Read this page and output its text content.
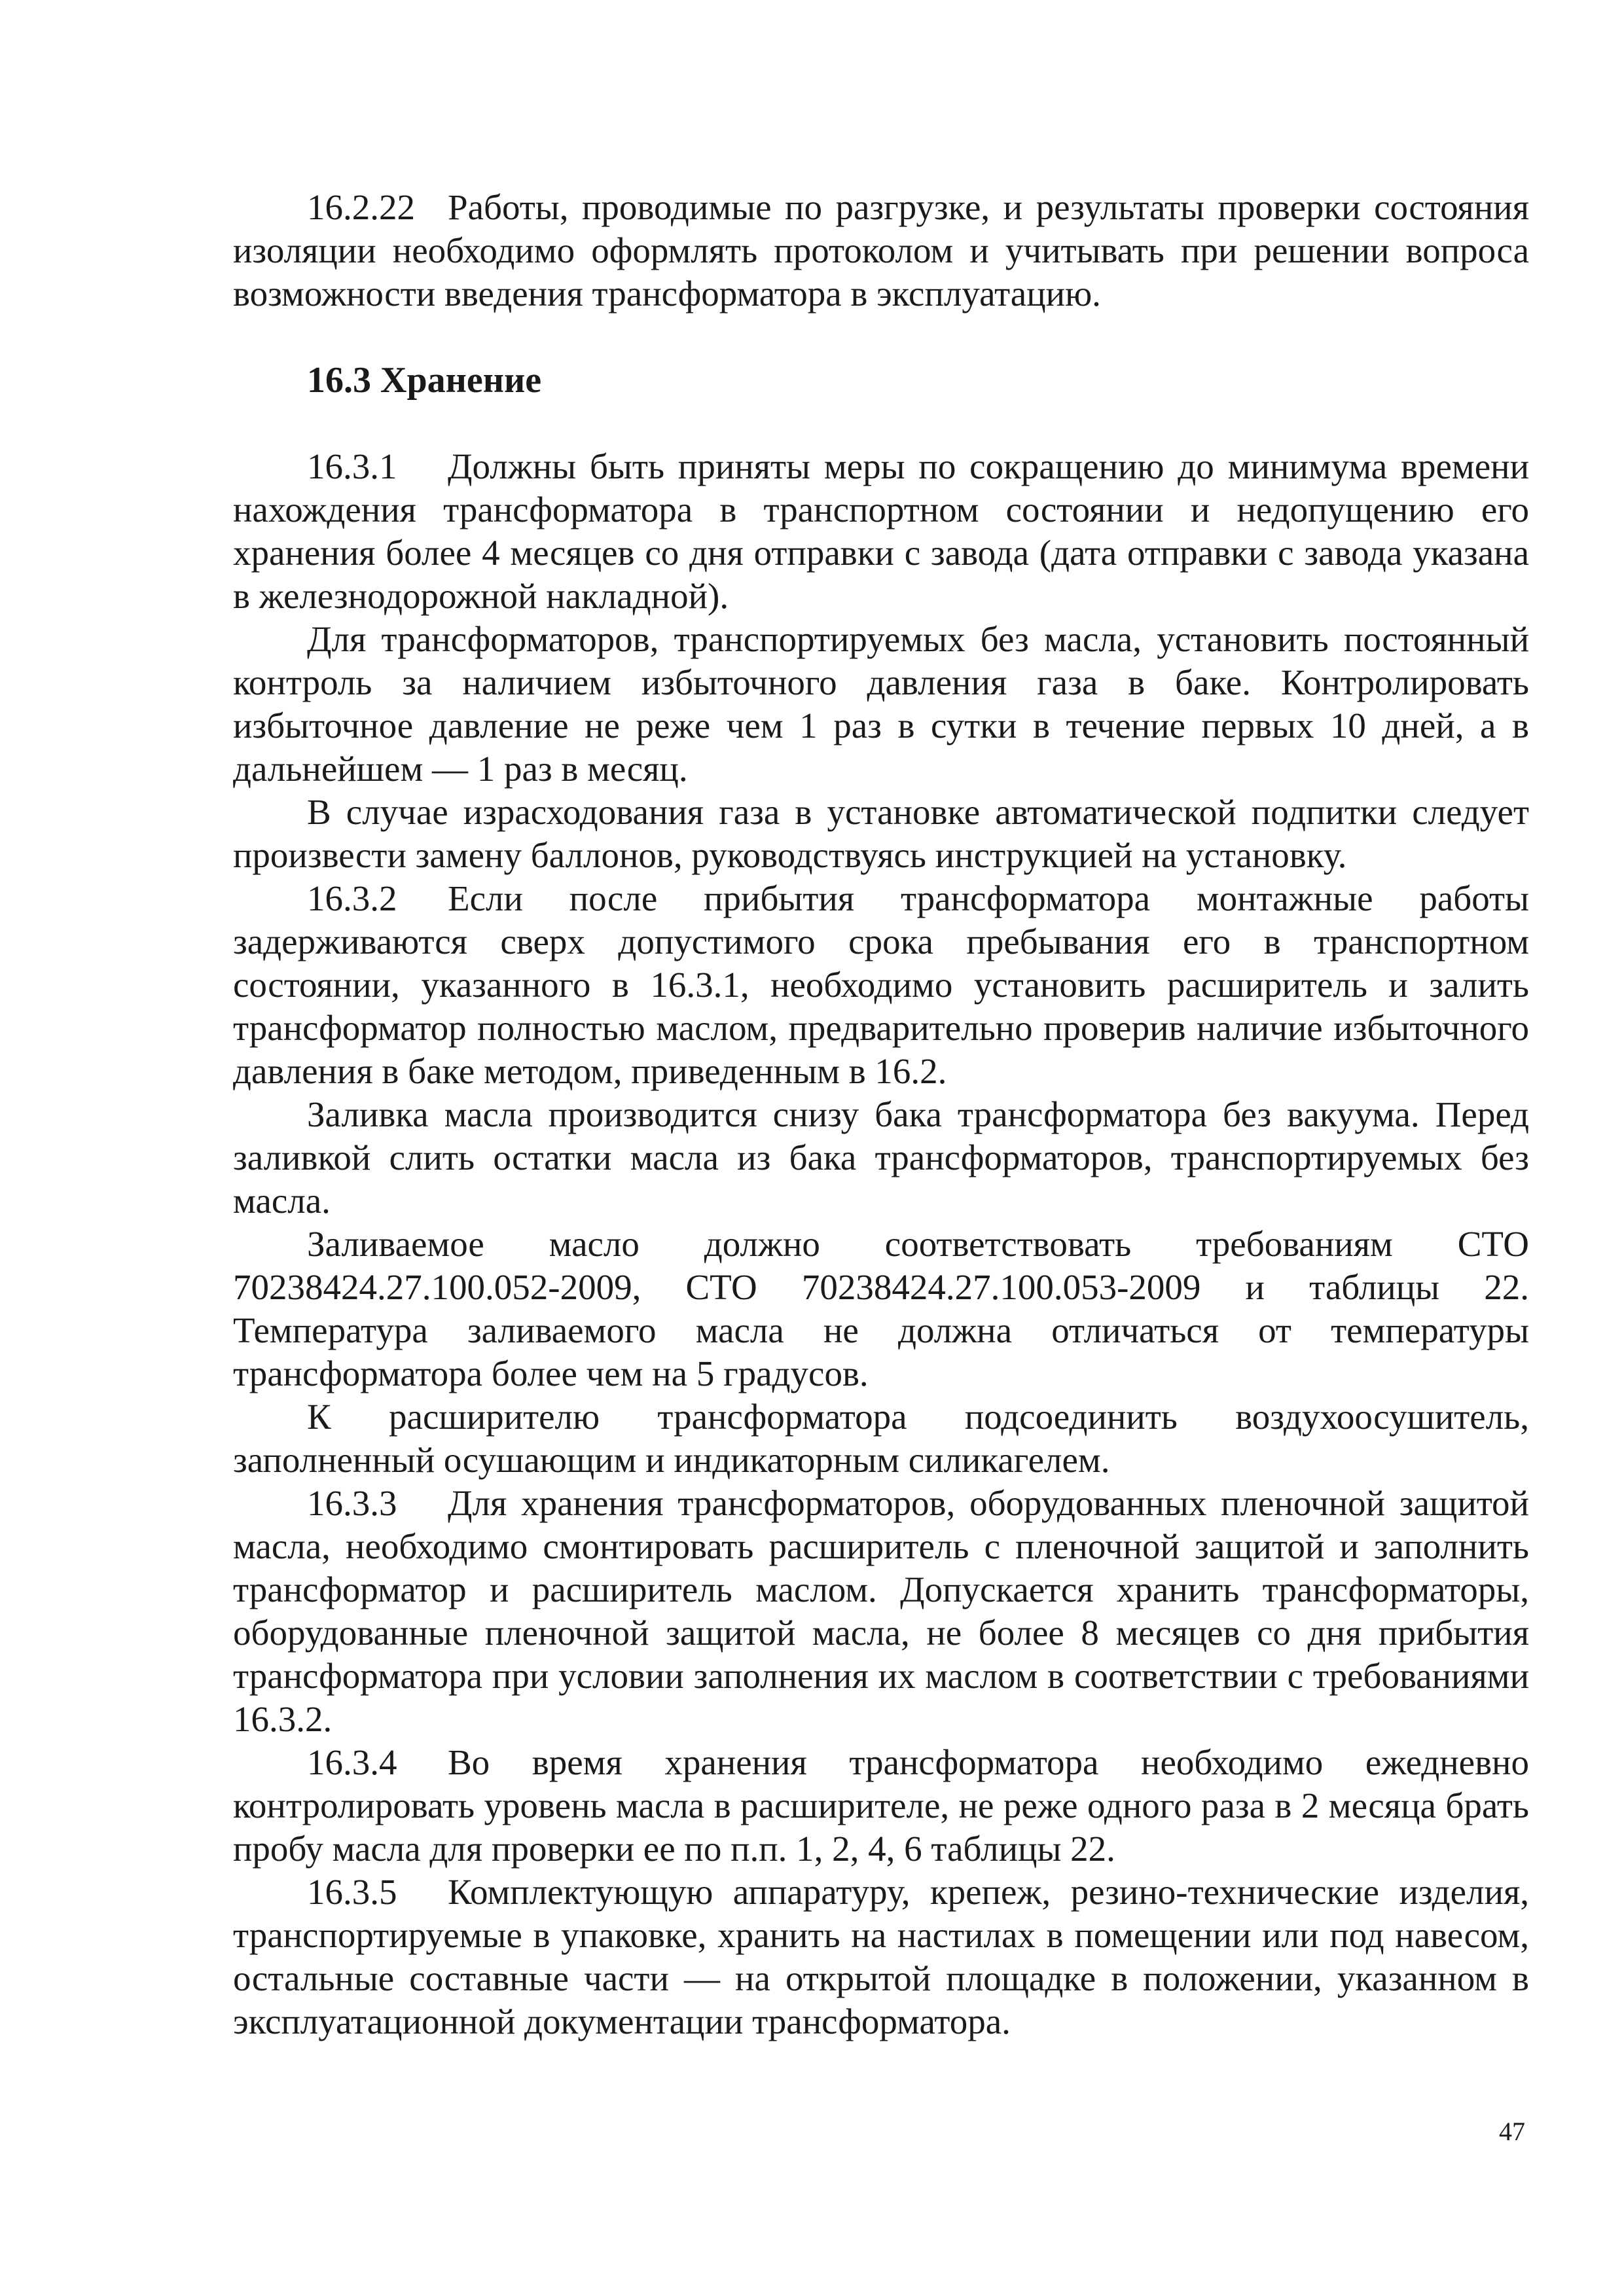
16.2.22 Работы, проводимые по разгрузке, и результаты проверки состояния изоляции необходимо оформлять протоколом и учитывать при решении вопроса возможности введения трансформатора в эксплуатацию.

16.3 Хранение

16.3.1 Должны быть приняты меры по сокращению до минимума времени нахождения трансформатора в транспортном состоянии и недопущению его хранения более 4 месяцев со дня отправки с завода (дата отправки с завода указана в железнодорожной накладной).

Для трансформаторов, транспортируемых без масла, установить постоянный контроль за наличием избыточного давления газа в баке. Контролировать избыточное давление не реже чем 1 раз в сутки в течение первых 10 дней, а в дальнейшем — 1 раз в месяц.

В случае израсходования газа в установке автоматической подпитки следует произвести замену баллонов, руководствуясь инструкцией на установку.

16.3.2 Если после прибытия трансформатора монтажные работы задерживаются сверх допустимого срока пребывания его в транспортном состоянии, указанного в 16.3.1, необходимо установить расширитель и залить трансформатор полностью маслом, предварительно проверив наличие избыточного давления в баке методом, приведенным в 16.2.

Заливка масла производится снизу бака трансформатора без вакуума. Перед заливкой слить остатки масла из бака трансформаторов, транспортируемых без масла.

Заливаемое масло должно соответствовать требованиям СТО 70238424.27.100.052-2009, СТО 70238424.27.100.053-2009 и таблицы 22. Температура заливаемого масла не должна отличаться от температуры трансформатора более чем на 5 градусов.

К расширителю трансформатора подсоединить воздухоосушитель, заполненный осушающим и индикаторным силикагелем.

16.3.3 Для хранения трансформаторов, оборудованных пленочной защитой масла, необходимо смонтировать расширитель с пленочной защитой и заполнить трансформатор и расширитель маслом. Допускается хранить трансформаторы, оборудованные пленочной защитой масла, не более 8 месяцев со дня прибытия трансформатора при условии заполнения их маслом в соответствии с требованиями 16.3.2.

16.3.4 Во время хранения трансформатора необходимо ежедневно контролировать уровень масла в расширителе, не реже одного раза в 2 месяца брать пробу масла для проверки ее по п.п. 1, 2, 4, 6 таблицы 22.

16.3.5 Комплектующую аппаратуру, крепеж, резино-технические изделия, транспортируемые в упаковке, хранить на настилах в помещении или под навесом, остальные составные части — на открытой площадке в положении, указанном в эксплуатационной документации трансформатора.

47
